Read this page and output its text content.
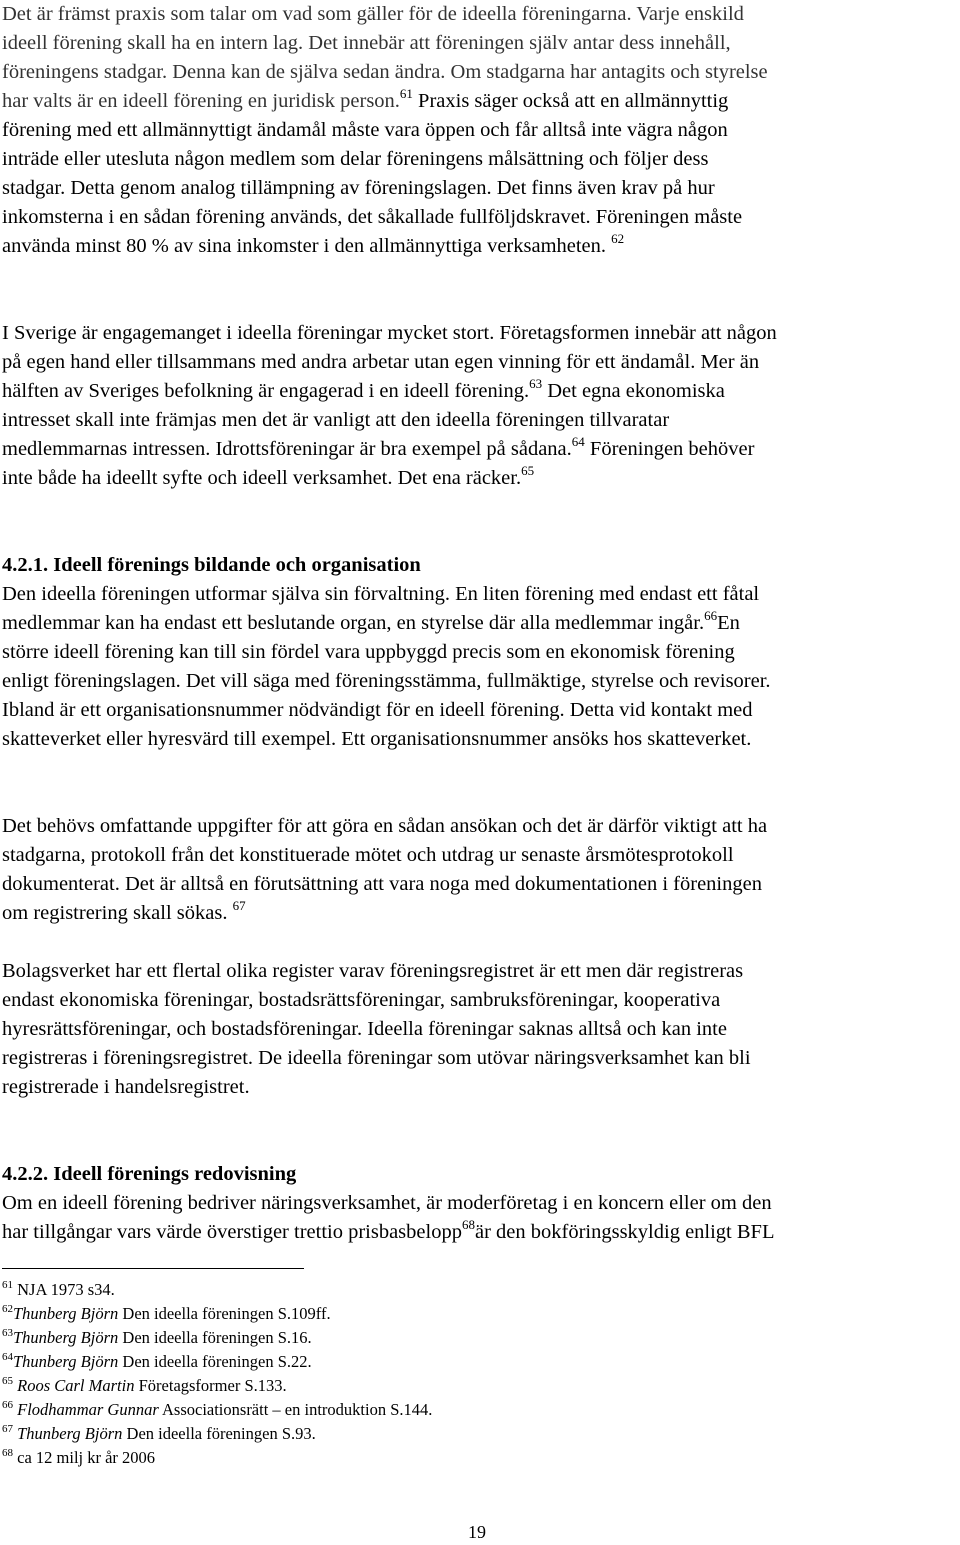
Det är främst praxis som talar om vad som gäller för de ideella föreningarna. Varje enskild
ideell förening skall ha en intern lag. Det innebär att föreningen själv antar dess innehåll,
föreningens stadgar. Denna kan de själva sedan ändra. Om stadgarna har antagits och styrelse
har valts är en ideell förening en juridisk person.$^{61}$ Praxis säger också att en allmännyttig
förening med ett allmännyttigt ändamål måste vara öppen och får alltså inte vägra någon
inträde eller utesluta någon medlem som delar föreningens målsättning och följer dess
stadgar. Detta genom analog tillämpning av föreningslagen. Det finns även krav på hur
inkomsterna i en sådan förening används, det såkallade fullföljdskravet. Föreningen måste
använda minst 80 % av sina inkomster i den allmännyttiga verksamheten. $^{62}$
I Sverige är engagemanget i ideella föreningar mycket stort. Företagsformen innebär att någon
på egen hand eller tillsammans med andra arbetar utan egen vinning för ett ändamål. Mer än
hälften av Sveriges befolkning är engagerad i en ideell förening.$^{63}$ Det egna ekonomiska
intresset skall inte främjas men det är vanligt att den ideella föreningen tillvaratar
medlemmarnas intressen. Idrottsföreningar är bra exempel på sådana.$^{64}$ Föreningen behöver
inte både ha ideellt syfte och ideell verksamhet. Det ena räcker.$^{65}$
4.2.1. Ideell förenings bildande och organisation
Den ideella föreningen utformar själva sin förvaltning. En liten förening med endast ett fåtal
medlemmar kan ha endast ett beslutande organ, en styrelse där alla medlemmar ingår.$^{66}$En
större ideell förening kan till sin fördel vara uppbyggd precis som en ekonomisk förening
enligt föreningslagen. Det vill säga med föreningsstämma, fullmäktige, styrelse och revisorer.
Ibland är ett organisationsnummer nödvändigt för en ideell förening. Detta vid kontakt med
skatteverket eller hyresvärd till exempel. Ett organisationsnummer ansöks hos skatteverket.
Det behövs omfattande uppgifter för att göra en sådan ansökan och det är därför viktigt att ha
stadgarna, protokoll från det konstituerade mötet och utdrag ur senaste årsmötesprotokoll
dokumenterat. Det är alltså en förutsättning att vara noga med dokumentationen i föreningen
om registrering skall sökas. $^{67}$
Bolagsverket har ett flertal olika register varav föreningsregistret är ett men där registreras
endast ekonomiska föreningar, bostadsrättsföreningar, sambruksföreningar, kooperativa
hyresrättsföreningar, och bostadsföreningar. Ideella föreningar saknas alltså och kan inte
registreras i föreningsregistret. De ideella föreningar som utövar näringsverksamhet kan bli
registrerade i handelsregistret.
4.2.2. Ideell förenings redovisning
Om en ideell förening bedriver näringsverksamhet, är moderföretag i en koncern eller om den
har tillgångar vars värde överstiger trettio prisbasbelopp$^{68}$är den bokföringsskyldig enligt BFL
$^{61}$ NJA 1973 s34.
$^{62}$Thunberg Björn Den ideella föreningen S.109ff.
$^{63}$Thunberg Björn Den ideella föreningen S.16.
$^{64}$Thunberg Björn Den ideella föreningen S.22.
$^{65}$ Roos Carl Martin Företagsformer S.133.
$^{66}$ Flodhammar Gunnar Associationsrätt – en introduktion S.144.
$^{67}$ Thunberg Björn Den ideella föreningen S.93.
$^{68}$ ca 12 milj kr år 2006
19
